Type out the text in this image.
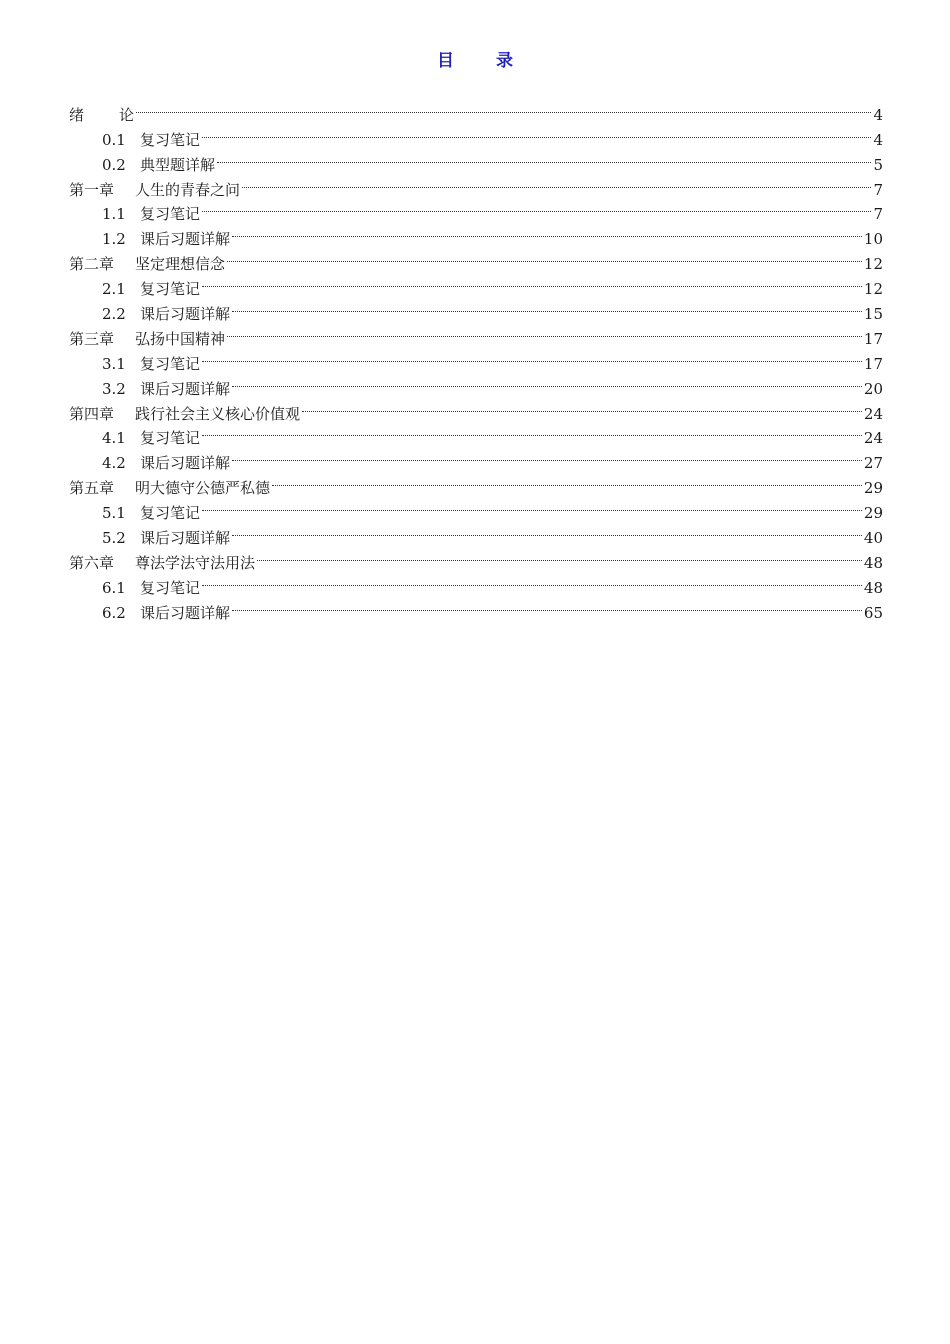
目 录
绪 论	4
0.1 复习笔记	4
0.2 典型题详解	5
第一章 人生的青春之问	7
1.1 复习笔记	7
1.2 课后习题详解	10
第二章 坚定理想信念	12
2.1 复习笔记	12
2.2 课后习题详解	15
第三章 弘扬中国精神	17
3.1 复习笔记	17
3.2 课后习题详解	20
第四章 践行社会主义核心价值观	24
4.1 复习笔记	24
4.2 课后习题详解	27
第五章 明大德守公德严私德	29
5.1 复习笔记	29
5.2 课后习题详解	40
第六章 尊法学法守法用法	48
6.1 复习笔记	48
6.2 课后习题详解	65
